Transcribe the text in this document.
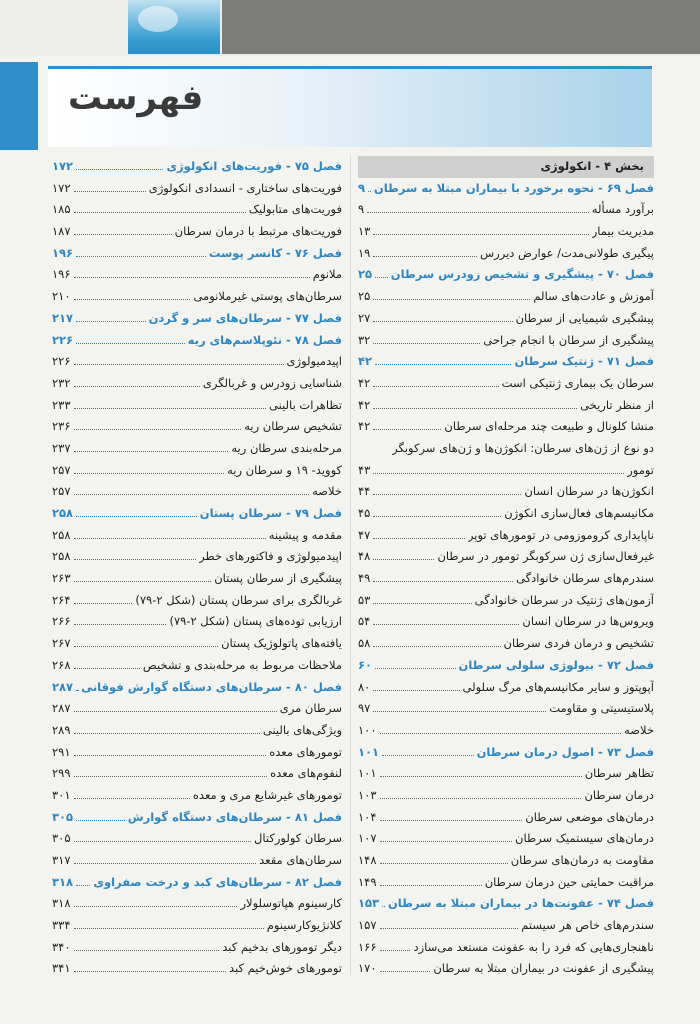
فهرست
بخش ۴ - انکولوژی
فصل ۶۹ - نحوه برخورد با بیماران مبتلا به سرطان
۹
برآورد مسأله
۹
مدیریت بیمار
۱۳
پیگیری طولانی‌مدت/ عوارض دیررس
۱۹
فصل ۷۰ - پیشگیری و تشخیص زودرس سرطان
۲۵
آموزش و عادت‌های سالم
۲۵
پیشگیری شیمیایی از سرطان
۲۷
پیشگیری از سرطان با انجام جراحی
۳۲
فصل ۷۱ - ژنتیک سرطان
۴۲
سرطان یک بیماری ژنتیکی است
۴۲
از منظر تاریخی
۴۲
منشا کلونال و طبیعت چند مرحله‌ای سرطان
۴۲
دو نوع از ژن‌های سرطان: انکوژن‌ها و ژن‌های سرکوبگر
تومور
۴۳
انکوژن‌ها در سرطان انسان
۴۴
مکانیسم‌های فعال‌سازی انکوژن
۴۵
ناپایداری کروموزومی در تومورهای توپر
۴۷
غیرفعال‌سازی ژن سرکوبگر تومور در سرطان
۴۸
سندرم‌های سرطان خانوادگی
۴۹
آزمون‌های ژنتیک در سرطان خانوادگی
۵۳
ویروس‌ها در سرطان انسان
۵۴
تشخیص و درمان فردی سرطان
۵۸
فصل ۷۲ - بیولوژی سلولی سرطان
۶۰
آپوپتوز و سایر مکانیسم‌های مرگ سلولی
۸۰
پلاستیسیتی و مقاومت
۹۷
خلاصه
۱۰۰
فصل ۷۳ - اصول درمان سرطان
۱۰۱
تظاهر سرطان
۱۰۱
درمان سرطان
۱۰۳
درمان‌های موضعی سرطان
۱۰۴
درمان‌های سیستمیک سرطان
۱۰۷
مقاومت به درمان‌های سرطان
۱۴۸
مراقبت حمایتی حین درمان سرطان
۱۴۹
فصل ۷۴ - عفونت‌ها در بیماران مبتلا به سرطان
۱۵۳
سندرم‌های خاص هر سیستم
۱۵۷
ناهنجاری‌هایی که فرد را به عفونت مستعد می‌سازد
۱۶۶
پیشگیری از عفونت در بیماران مبتلا به سرطان
۱۷۰
فصل ۷۵ - فوریت‌های انکولوژی
۱۷۲
فوریت‌های ساختاری - انسدادی انکولوژی
۱۷۲
فوریت‌های متابولیک
۱۸۵
فوریت‌های مرتبط با درمان سرطان
۱۸۷
فصل ۷۶ - کانسر پوست
۱۹۶
ملانوم
۱۹۶
سرطان‌های پوستی غیرملانومی
۲۱۰
فصل ۷۷ - سرطان‌های سر و گردن
۲۱۷
فصل ۷۸ - نئوپلاسم‌های ریه
۲۲۶
اپیدمیولوژی
۲۲۶
شناسایی زودرس و غربالگری
۲۳۲
تظاهرات بالینی
۲۳۳
تشخیص سرطان ریه
۲۳۶
مرحله‌بندی سرطان ریه
۲۳۷
کووید- ۱۹ و سرطان ریه
۲۵۷
خلاصه
۲۵۷
فصل ۷۹ - سرطان پستان
۲۵۸
مقدمه و پیشینه
۲۵۸
اپیدمیولوژی و فاکتورهای خطر
۲۵۸
پیشگیری از سرطان پستان
۲۶۳
غربالگری برای سرطان پستان (شکل ۲-۷۹)
۲۶۴
ارزیابی توده‌های پستان (شکل ۲-۷۹)
۲۶۶
یافته‌های پاتولوژیک پستان
۲۶۷
ملاحظات مربوط به مرحله‌بندی و تشخیص
۲۶۸
فصل ۸۰ - سرطان‌های دستگاه گوارش فوقانی
۲۸۷
سرطان مری
۲۸۷
ویژگی‌های بالینی
۲۸۹
تومورهای معده
۲۹۱
لنفوم‌های معده
۲۹۹
تومورهای غیرشایع مری و معده
۳۰۱
فصل ۸۱ - سرطان‌های دستگاه گوارش
۳۰۵
سرطان کولورکتال
۳۰۵
سرطان‌های مقعد
۳۱۷
فصل ۸۲ - سرطان‌های کبد و درخت صفراوی
۳۱۸
کارسینوم هپاتوسلولار
۳۱۸
کلانژیوکارسینوم
۳۳۴
دیگر تومورهای بدخیم کبد
۳۴۰
تومورهای خوش‌خیم کبد
۳۴۱
